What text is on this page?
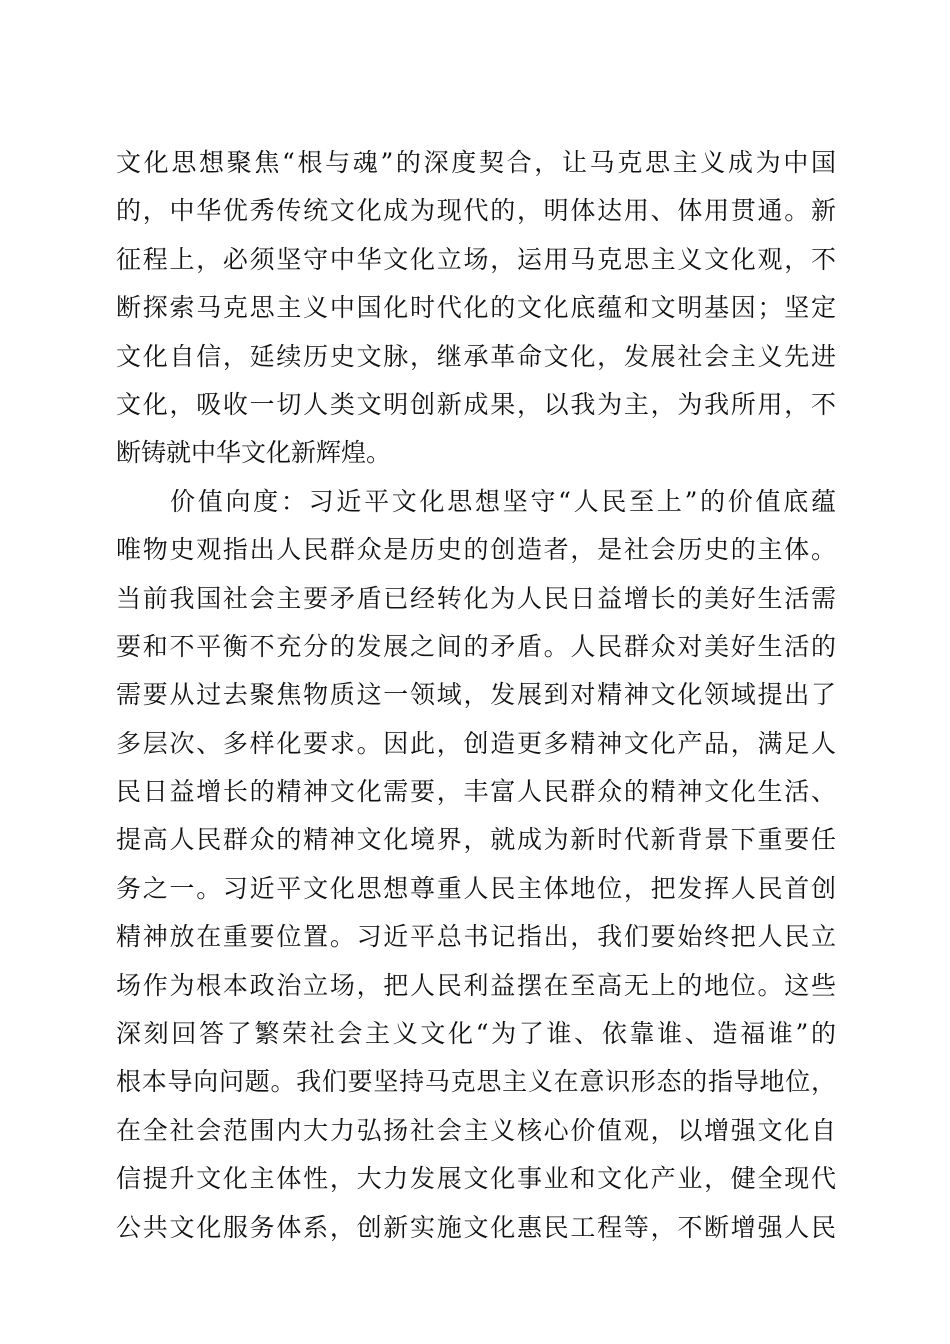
文化思想聚焦“根与魂”的深度契合，让马克思主义成为中国
的，中华优秀传统文化成为现代的，明体达用、体用贯通。新
征程上，必须坚守中华文化立场，运用马克思主义文化观，不
断探索马克思主义中国化时代化的文化底蕴和文明基因；坚定
文化自信，延续历史文脉，继承革命文化，发展社会主义先进
文化，吸收一切人类文明创新成果，以我为主，为我所用，不
断铸就中华文化新辉煌。
价值向度：习近平文化思想坚守“人民至上”的价值底蕴
唯物史观指出人民群众是历史的创造者，是社会历史的主体。
当前我国社会主要矛盾已经转化为人民日益增长的美好生活需
要和不平衡不充分的发展之间的矛盾。人民群众对美好生活的
需要从过去聚焦物质这一领域，发展到对精神文化领域提出了
多层次、多样化要求。因此，创造更多精神文化产品，满足人
民日益增长的精神文化需要，丰富人民群众的精神文化生活、
提高人民群众的精神文化境界，就成为新时代新背景下重要任
务之一。习近平文化思想尊重人民主体地位，把发挥人民首创
精神放在重要位置。习近平总书记指出，我们要始终把人民立
场作为根本政治立场，把人民利益摆在至高无上的地位。这些
深刻回答了繁荣社会主义文化“为了谁、依靠谁、造福谁”的
根本导向问题。我们要坚持马克思主义在意识形态的指导地位，
在全社会范围内大力弘扬社会主义核心价值观，以增强文化自
信提升文化主体性，大力发展文化事业和文化产业，健全现代
公共文化服务体系，创新实施文化惠民工程等，不断增强人民
